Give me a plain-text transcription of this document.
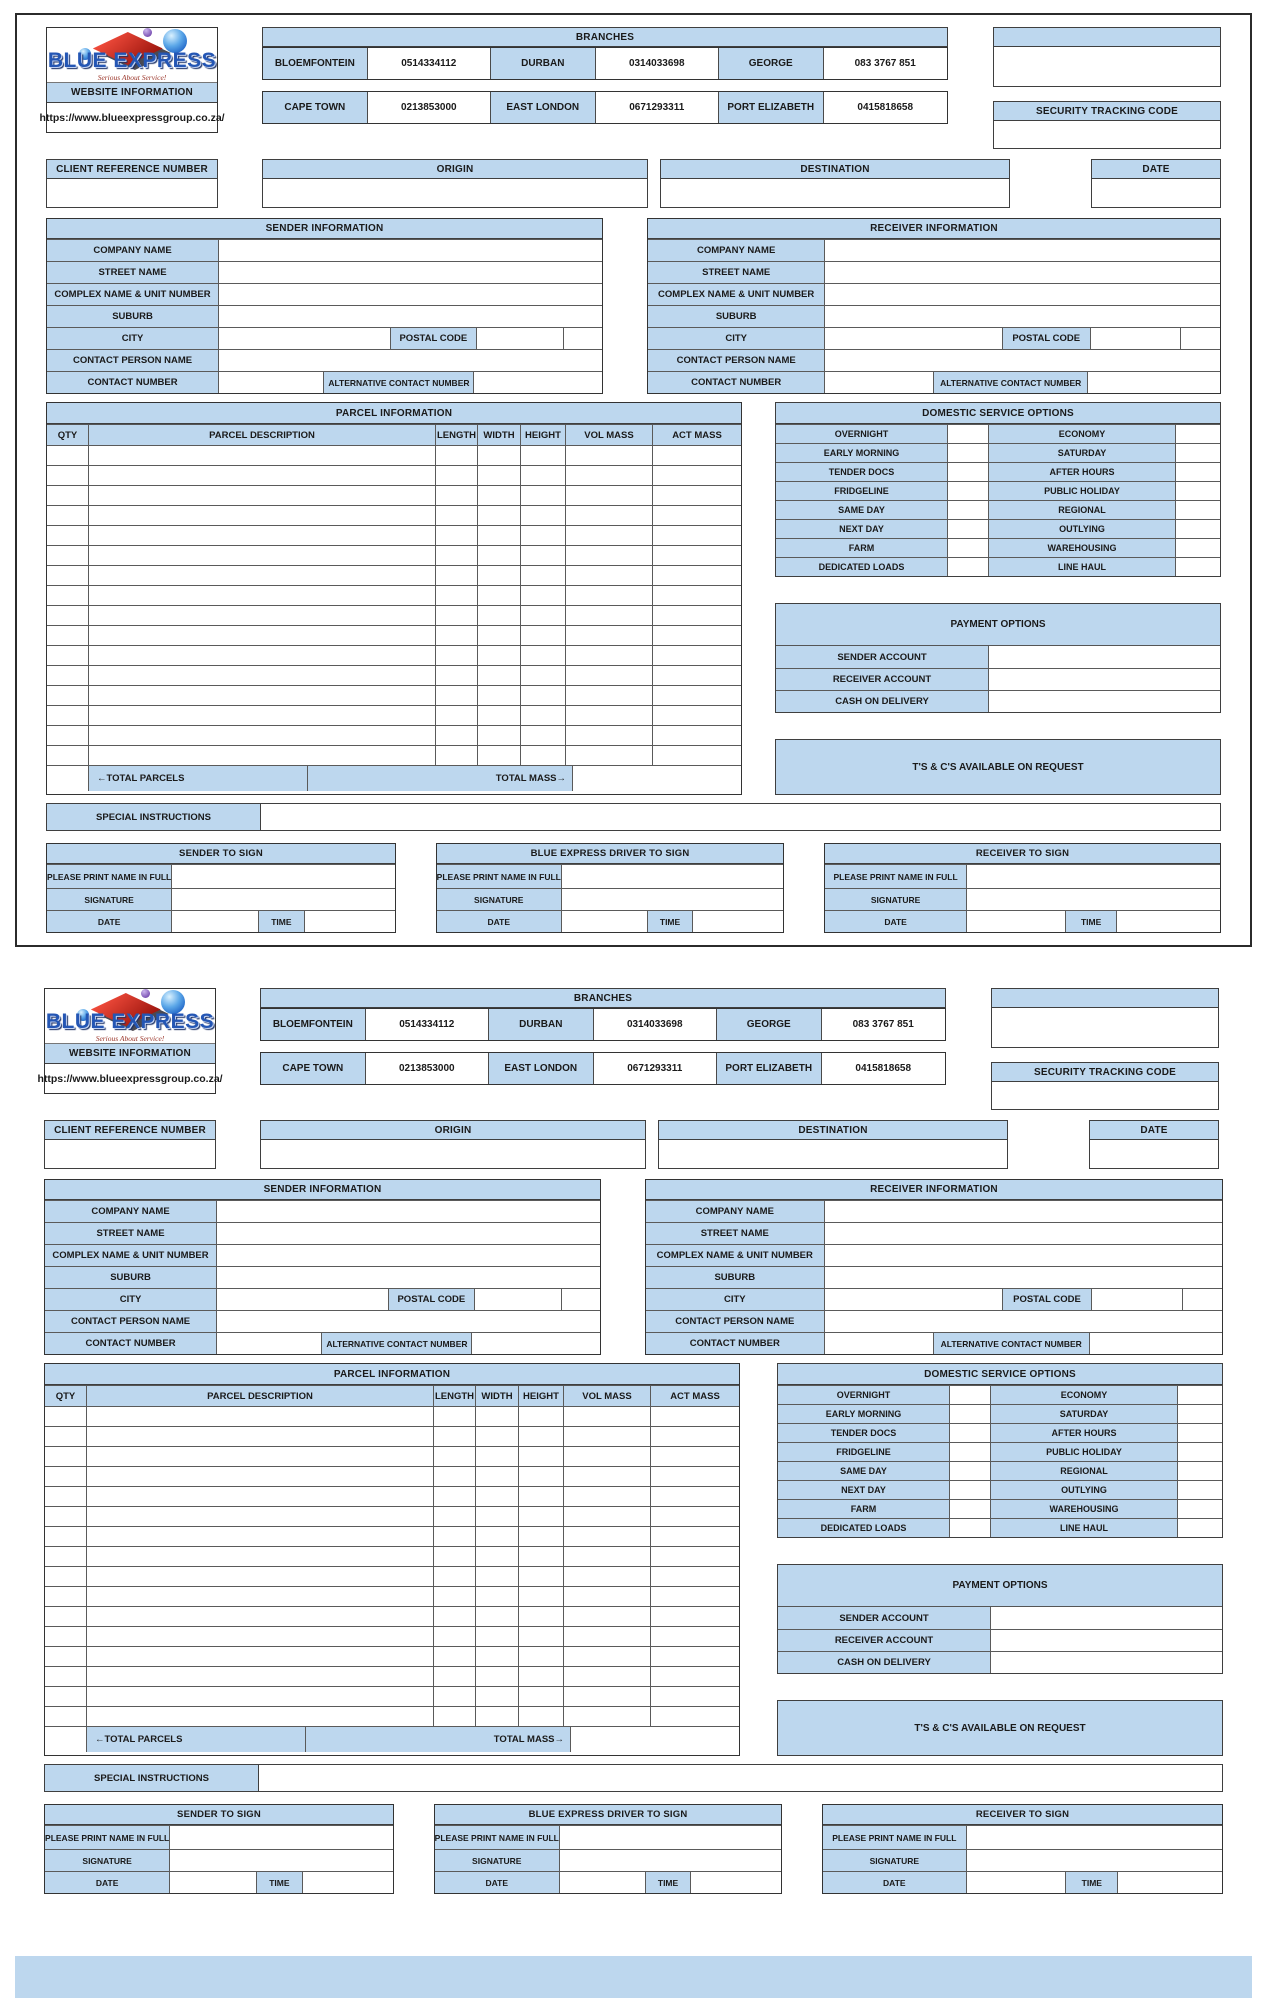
BLUE EXPRESS
Serious About Service!
WEBSITE INFORMATION
https://www.blueexpressgroup.co.za/
BRANCHES
BLOEMFONTEIN	0514334112	DURBAN	0314033698	GEORGE	083 3767 851
CAPE TOWN	0213853000	EAST LONDON	0671293311	PORT ELIZABETH	0415818658	SECURITY TRACKING CODE
CLIENT REFERENCE NUMBER	ORIGIN	DESTINATION	DATE
SENDER INFORMATION
COMPANY NAME
STREET NAME
COMPLEX NAME & UNIT NUMBER
SUBURB
CITY	POSTAL CODE
CONTACT PERSON NAME
CONTACT NUMBER	ALTERNATIVE CONTACT NUMBER
RECEIVER INFORMATION
COMPANY NAME
STREET NAME
COMPLEX NAME & UNIT NUMBER
SUBURB
CITY	POSTAL CODE
CONTACT PERSON NAME
CONTACT NUMBER	ALTERNATIVE CONTACT NUMBER
PARCEL INFORMATION
QTY	PARCEL DESCRIPTION	LENGTH WIDTH	HEIGHT	VOL MASS	ACT MASS
←TOTAL PARCELS	TOTAL MASS→
DOMESTIC SERVICE OPTIONS
OVERNIGHT	ECONOMY
EARLY MORNING	SATURDAY
TENDER DOCS	AFTER HOURS
FRIDGELINE	PUBLIC HOLIDAY
SAME DAY	REGIONAL
NEXT DAY	OUTLYING
FARM	WAREHOUSING
DEDICATED LOADS	LINE HAUL
PAYMENT OPTIONS
SENDER ACCOUNT
RECEIVER ACCOUNT
CASH ON DELIVERY
T'S & C'S AVAILABLE ON REQUEST
SPECIAL INSTRUCTIONS
SENDER TO SIGN
PLEASE PRINT NAME IN FULL
SIGNATURE
DATE	TIME
BLUE EXPRESS DRIVER TO SIGN
PLEASE PRINT NAME IN FULL
SIGNATURE
DATE	TIME
RECEIVER TO SIGN
PLEASE PRINT NAME IN FULL
SIGNATURE
DATE	TIME
BLUE EXPRESS
Serious About Service!
WEBSITE INFORMATION
https://www.blueexpressgroup.co.za/
BRANCHES
BLOEMFONTEIN	0514334112	DURBAN	0314033698	GEORGE	083 3767 851
CAPE TOWN	0213853000	EAST LONDON	0671293311	PORT ELIZABETH	0415818658	SECURITY TRACKING CODE
CLIENT REFERENCE NUMBER	ORIGIN	DESTINATION	DATE
SENDER INFORMATION
COMPANY NAME
STREET NAME
COMPLEX NAME & UNIT NUMBER
SUBURB
CITY	POSTAL CODE
CONTACT PERSON NAME
CONTACT NUMBER	ALTERNATIVE CONTACT NUMBER
RECEIVER INFORMATION
COMPANY NAME
STREET NAME
COMPLEX NAME & UNIT NUMBER
SUBURB
CITY	POSTAL CODE
CONTACT PERSON NAME
CONTACT NUMBER	ALTERNATIVE CONTACT NUMBER
PARCEL INFORMATION
QTY	PARCEL DESCRIPTION	LENGTH WIDTH	HEIGHT	VOL MASS	ACT MASS
←TOTAL PARCELS	TOTAL MASS→
DOMESTIC SERVICE OPTIONS
OVERNIGHT	ECONOMY
EARLY MORNING	SATURDAY
TENDER DOCS	AFTER HOURS
FRIDGELINE	PUBLIC HOLIDAY
SAME DAY	REGIONAL
NEXT DAY	OUTLYING
FARM	WAREHOUSING
DEDICATED LOADS	LINE HAUL
PAYMENT OPTIONS
SENDER ACCOUNT
RECEIVER ACCOUNT
CASH ON DELIVERY
T'S & C'S AVAILABLE ON REQUEST
SPECIAL INSTRUCTIONS
SENDER TO SIGN
PLEASE PRINT NAME IN FULL
SIGNATURE
DATE	TIME
BLUE EXPRESS DRIVER TO SIGN
PLEASE PRINT NAME IN FULL
SIGNATURE
DATE	TIME
RECEIVER TO SIGN
PLEASE PRINT NAME IN FULL
SIGNATURE
DATE	TIME
